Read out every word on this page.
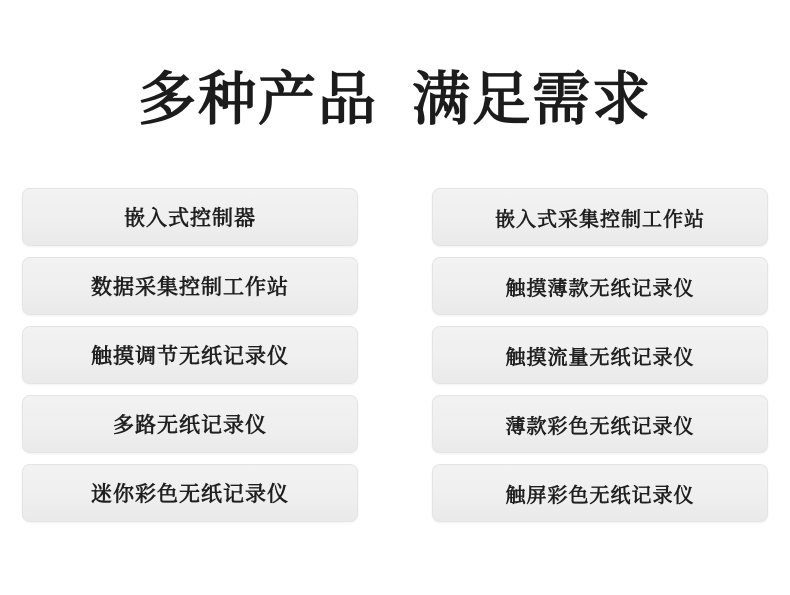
多种产品 满足需求
嵌入式控制器
数据采集控制工作站
触摸调节无纸记录仪
多路无纸记录仪
迷你彩色无纸记录仪
嵌入式采集控制工作站
触摸薄款无纸记录仪
触摸流量无纸记录仪
薄款彩色无纸记录仪
触屏彩色无纸记录仪
